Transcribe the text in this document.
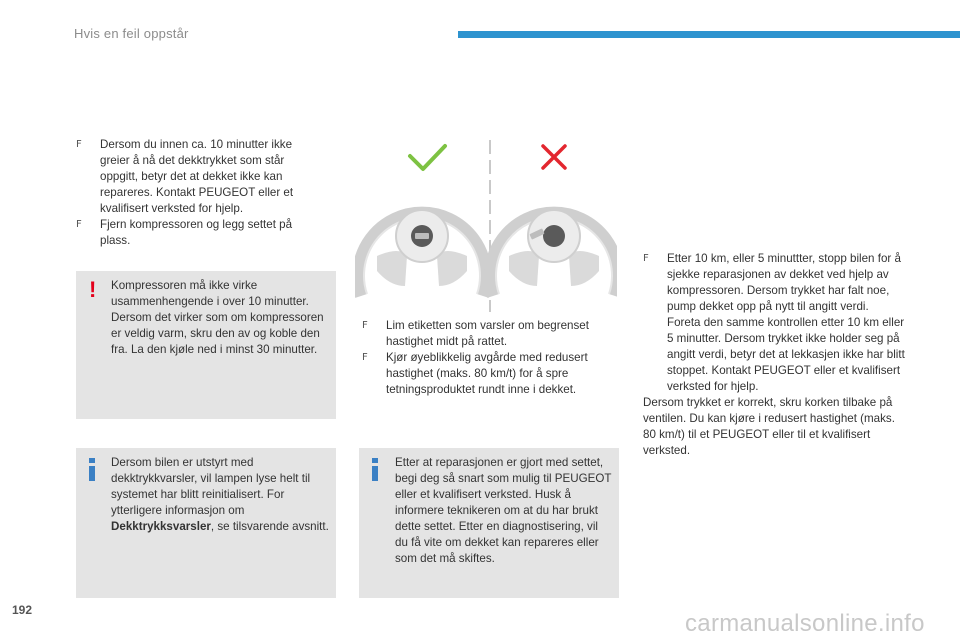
Hvis en feil oppstår

F Dersom du innen ca. 10 minutter ikke greier å nå det dekktrykket som står oppgitt, betyr det at dekket ikke kan repareres. Kontakt PEUGEOT eller et kvalifisert verksted for hjelp.

F Fjern kompressoren og legg settet på plass.

! Kompressoren må ikke virke usammenhengende i over 10 minutter. Dersom det virker som om kompressoren er veldig varm, skru den av og koble den fra. La den kjøle ned i minst 30 minutter.
Dersom bilen er utstyrt med dekktrykkvarsler, vil lampen lyse helt til systemet har blitt reinitialisert. For ytterligere informasjon om Dekktrykksvarsler, se tilsvarende avsnitt.

F Lim etiketten som varsler om begrenset hastighet midt på rattet.

F Kjør øyeblikkelig avgårde med redusert hastighet (maks. 80 km/t) for å spre tetningsproduktet rundt inne i dekket.

Etter at reparasjonen er gjort med settet, begi deg så snart som mulig til PEUGEOT eller et kvalifisert verksted. Husk å informere teknikeren om at du har brukt dette settet. Etter en diagnostisering, vil du få vite om dekket kan repareres eller som det må skiftes.

F Etter 10 km, eller 5 minuttter, stopp bilen for å sjekke reparasjonen av dekket ved hjelp av kompressoren. Dersom trykket har falt noe, pump dekket opp på nytt til angitt verdi. Foreta den samme kontrollen etter 10 km eller 5 minutter. Dersom trykket ikke holder seg på angitt verdi, betyr det at lekkasjen ikke har blitt stoppet. Kontakt PEUGEOT eller et kvalifisert verksted for hjelp.

Dersom trykket er korrekt, skru korken tilbake på ventilen. Du kan kjøre i redusert hastighet (maks. 80 km/t) til et PEUGEOT eller til et kvalifisert verksted.

192	carmanualsonline.info
